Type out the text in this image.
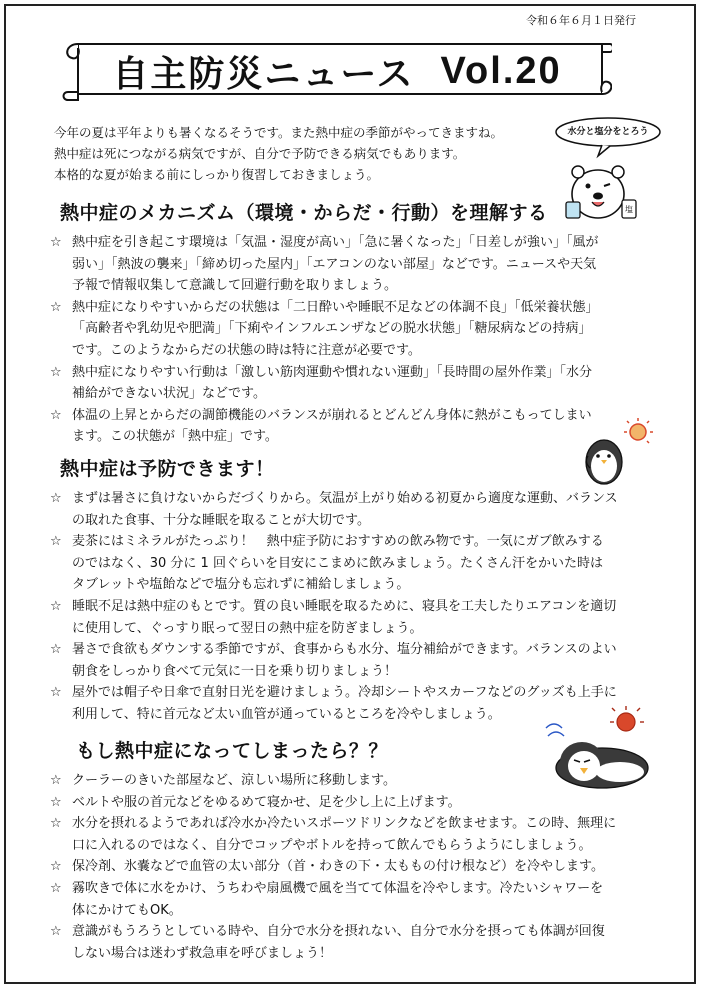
令和６年６月１日発行
自主防災ニュース Vol.20

今年の夏は平年よりも暑くなるそうです。また熱中症の季節がやってきますね。

熱中症は死につながる病気ですが、自分で予防できる病気でもあります。

本格的な夏が始まる前にしっかり復習しておきましょう。

水分と塩分をとろう
塩
熱中症のメカニズム（環境・からだ・行動）を理解する
☆ 熱中症を引き起こす環境は「気温・湿度が高い」「急に暑くなった」「日差しが強い」「風が
弱い」「熱波の襲来」「締め切った屋内」「エアコンのない部屋」などです。ニュースや天気
予報で情報収集して意識して回避行動を取りましょう。
☆ 熱中症になりやすいからだの状態は「二日酔いや睡眠不足などの体調不良」「低栄養状態」
「高齢者や乳幼児や肥満」「下痢やインフルエンザなどの脱水状態」「糖尿病などの持病」
です。このようなからだの状態の時は特に注意が必要です。
☆ 熱中症になりやすい行動は「激しい筋肉運動や慣れない運動」「長時間の屋外作業」「水分
補給ができない状況」などです。
☆ 体温の上昇とからだの調節機能のバランスが崩れるとどんどん身体に熱がこもってしまい
ます。この状態が「熱中症」です。
熱中症は予防できます！
☆ まずは暑さに負けないからだづくりから。気温が上がり始める初夏から適度な運動、バランス
の取れた食事、十分な睡眠を取ることが大切です。
☆ 麦茶にはミネラルがたっぷり！　熱中症予防におすすめの飲み物です。一気にガブ飲みする
のではなく、30 分に 1 回ぐらいを目安にこまめに飲みましょう。たくさん汗をかいた時は
タブレットや塩飴などで塩分も忘れずに補給しましょう。
☆ 睡眠不足は熱中症のもとです。質の良い睡眠を取るために、寝具を工夫したりエアコンを適切
に使用して、ぐっすり眠って翌日の熱中症を防ぎましょう。
☆ 暑さで食欲もダウンする季節ですが、食事からも水分、塩分補給ができます。バランスのよい
朝食をしっかり食べて元気に一日を乗り切りましょう！
☆ 屋外では帽子や日傘で直射日光を避けましょう。冷却シートやスカーフなどのグッズも上手に
利用して、特に首元など太い血管が通っているところを冷やしましょう。
もし熱中症になってしまったら？？
☆ クーラーのきいた部屋など、涼しい場所に移動します。
☆ ベルトや服の首元などをゆるめて寝かせ、足を少し上に上げます。
☆ 水分を摂れるようであれば冷水か冷たいスポーツドリンクなどを飲ませます。この時、無理に
口に入れるのではなく、自分でコップやボトルを持って飲んでもらうようにしましょう。
☆ 保冷剤、氷嚢などで血管の太い部分（首・わきの下・太ももの付け根など）を冷やします。
☆ 霧吹きで体に水をかけ、うちわや扇風機で風を当てて体温を冷やします。冷たいシャワーを
体にかけてもOK。
☆ 意識がもうろうとしている時や、自分で水分を摂れない、自分で水分を摂っても体調が回復
しない場合は迷わず救急車を呼びましょう！
